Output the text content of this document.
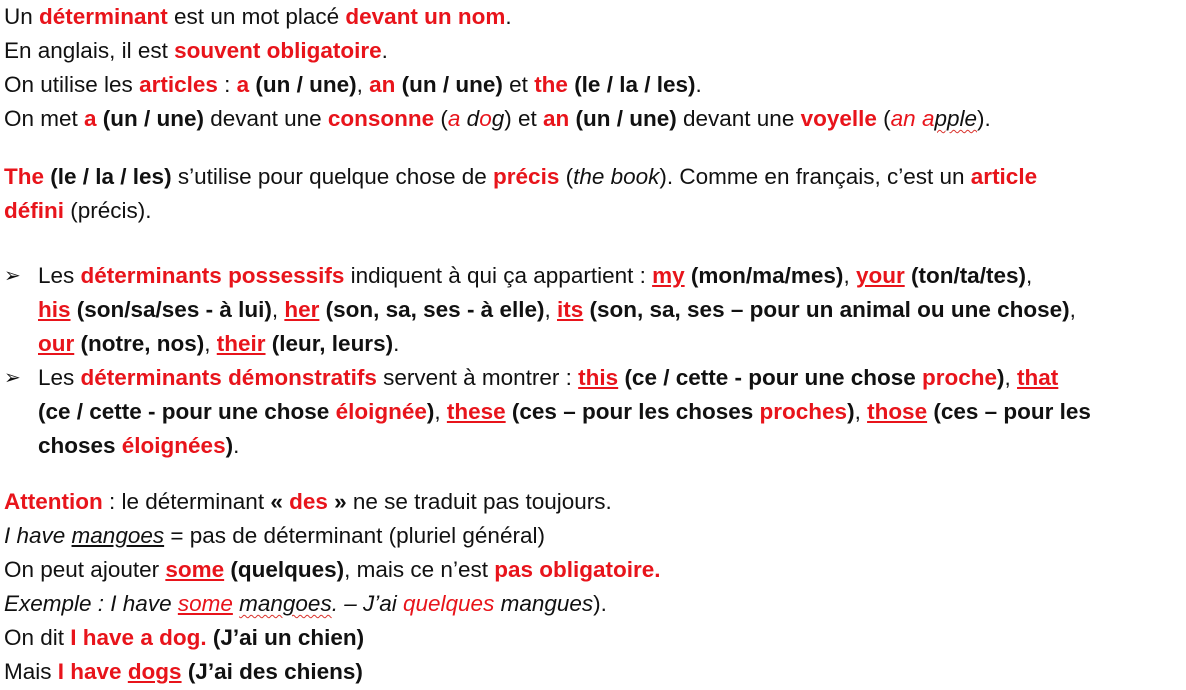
Un déterminant est un mot placé devant un nom.
En anglais, il est souvent obligatoire.
On utilise les articles : a (un / une), an (un / une) et the (le / la / les).
On met a (un / une) devant une consonne (a dog) et an (un / une) devant une voyelle (an apple).
The (le / la / les) s’utilise pour quelque chose de précis (the book). Comme en français, c’est un article
défini (précis).
Les déterminants possessifs indiquent à qui ça appartient : my (mon/ma/mes), your (ton/ta/tes),
his (son/sa/ses - à lui), her (son, sa, ses - à elle), its (son, sa, ses – pour un animal ou une chose),
our (notre, nos), their (leur, leurs).
Les déterminants démonstratifs servent à montrer : this (ce / cette - pour une chose proche), that
(ce / cette - pour une chose éloignée), these (ces – pour les choses proches), those (ces – pour les
choses éloignées).
Attention : le déterminant « des » ne se traduit pas toujours.
I have mangoes = pas de déterminant (pluriel général)
On peut ajouter some (quelques), mais ce n’est pas obligatoire.
Exemple : I have some mangoes. – J’ai quelques mangues).
On dit I have a dog. (J’ai un chien)
Mais I have dogs (J’ai des chiens)
➢
➢
